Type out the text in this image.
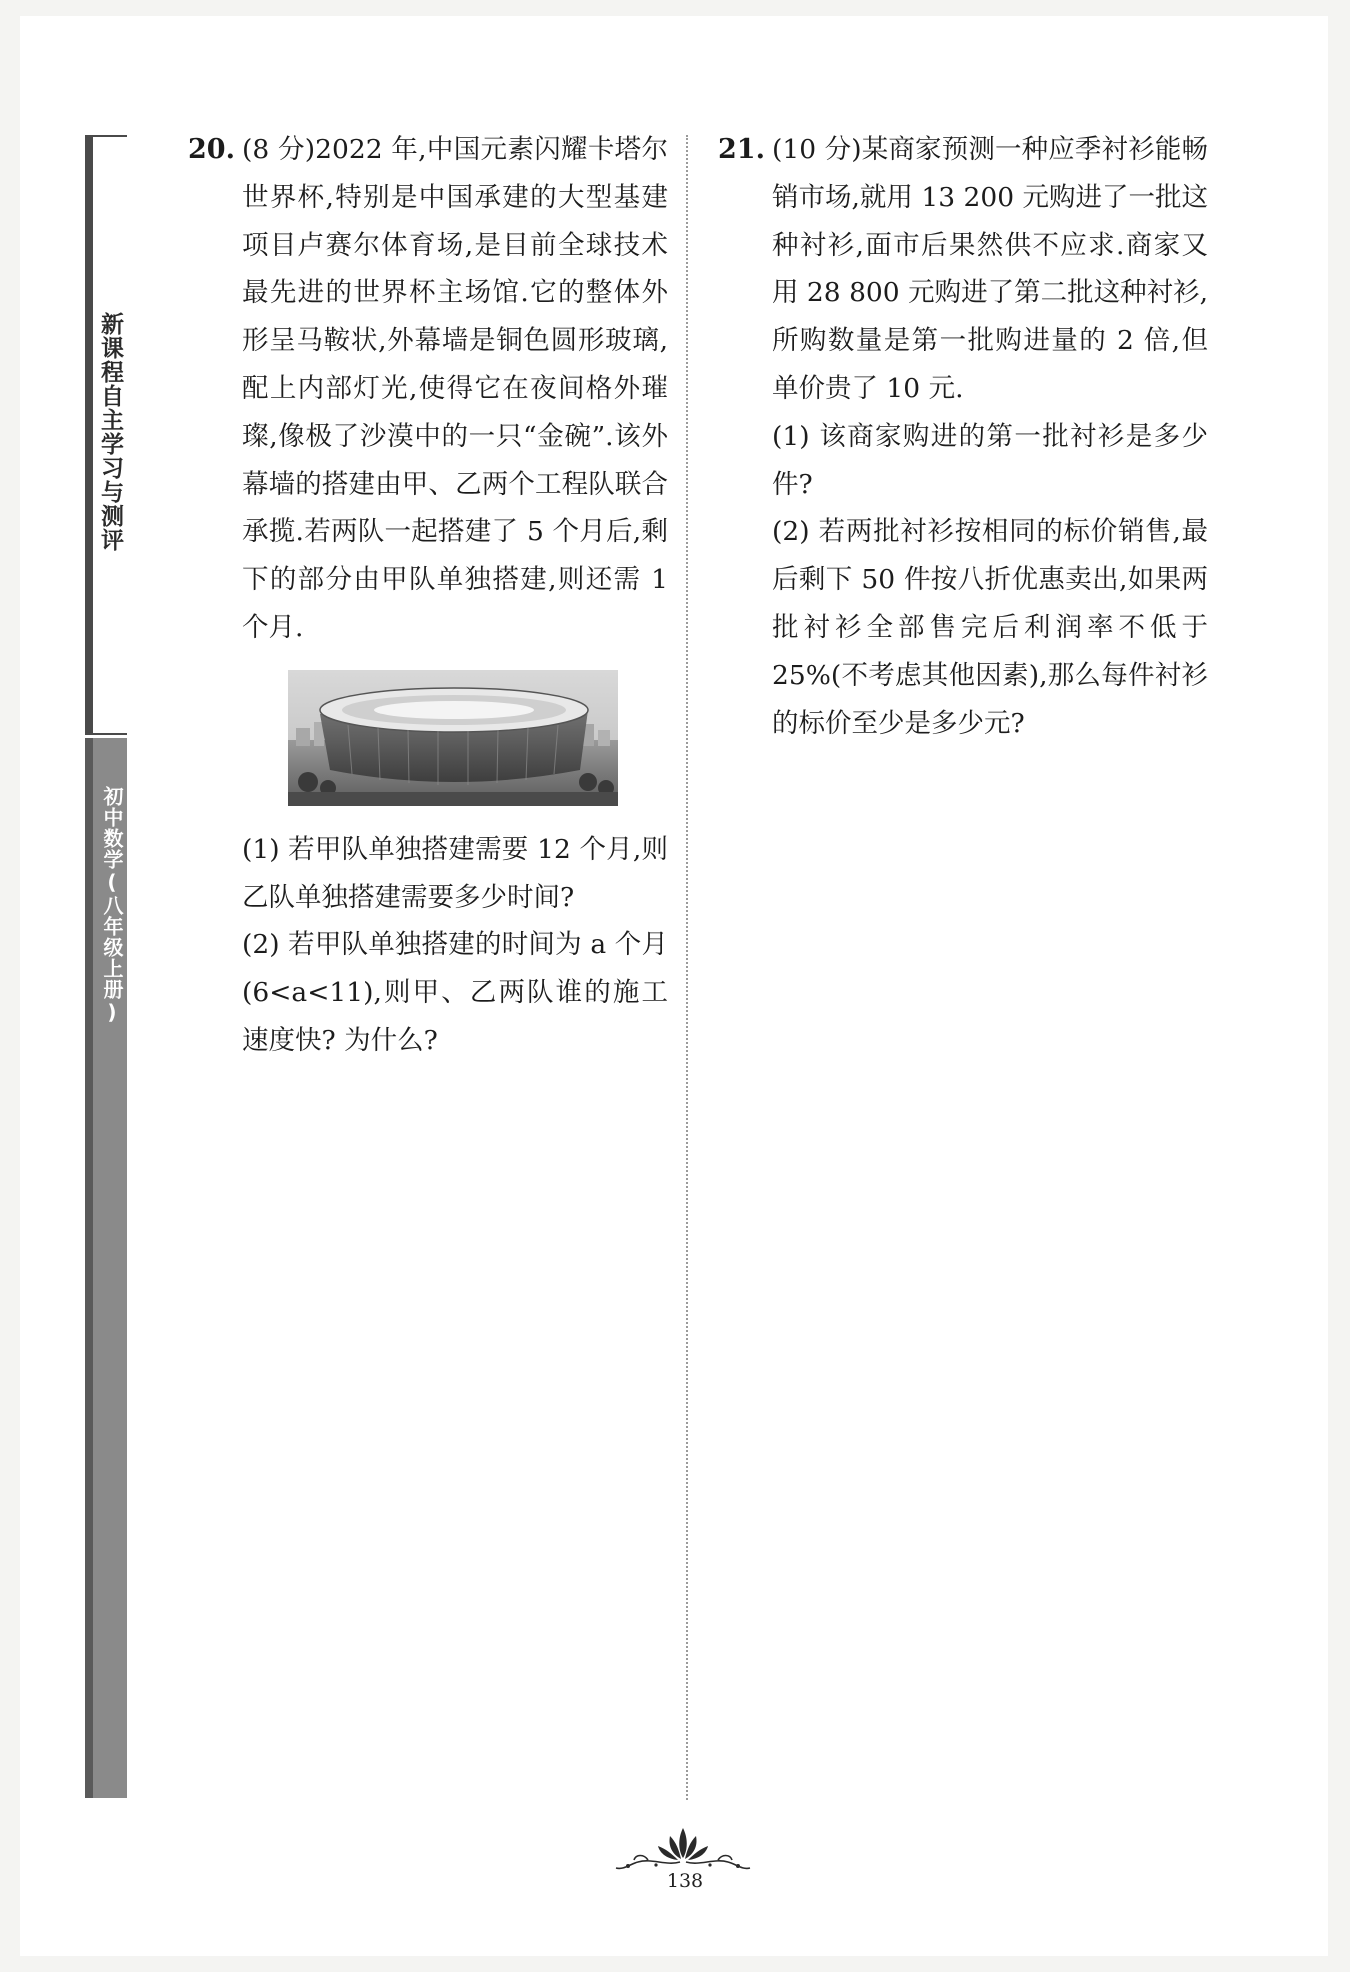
新课程自主学习与测评
初中数学(八年级上册)
20. (8 分)2022 年,中国元素闪耀卡塔尔世界杯,特别是中国承建的大型基建项目卢赛尔体育场,是目前全球技术最先进的世界杯主场馆.它的整体外形呈马鞍状,外幕墙是铜色圆形玻璃,配上内部灯光,使得它在夜间格外璀璨,像极了沙漠中的一只“金碗”.该外幕墙的搭建由甲、乙两个工程队联合承揽.若两队一起搭建了 5 个月后,剩下的部分由甲队单独搭建,则还需 1 个月.
(1) 若甲队单独搭建需要 12 个月,则乙队单独搭建需要多少时间?
(2) 若甲队单独搭建的时间为 a 个月(6<a<11),则甲、乙两队谁的施工速度快? 为什么?
21. (10 分)某商家预测一种应季衬衫能畅销市场,就用 13 200 元购进了一批这种衬衫,面市后果然供不应求.商家又用 28 800 元购进了第二批这种衬衫,所购数量是第一批购进量的 2 倍,但单价贵了 10 元.
(1) 该商家购进的第一批衬衫是多少件?
(2) 若两批衬衫按相同的标价销售,最后剩下 50 件按八折优惠卖出,如果两批衬衫全部售完后利润率不低于 25%(不考虑其他因素),那么每件衬衫的标价至少是多少元?
138
